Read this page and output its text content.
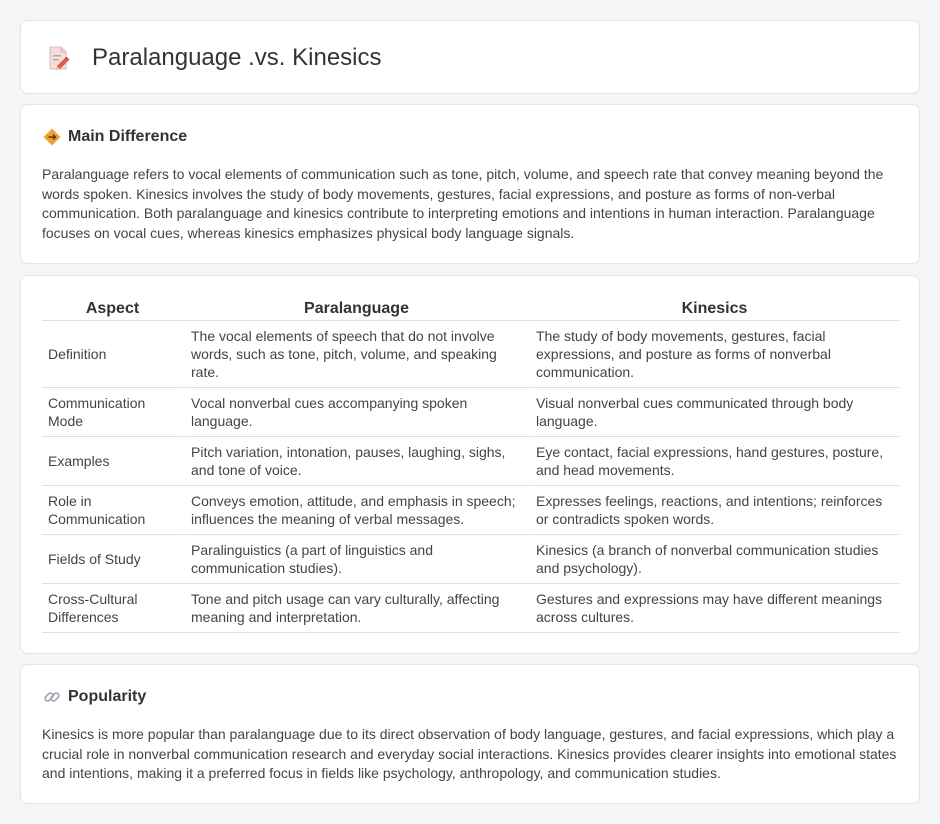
Paralanguage .vs. Kinesics
Main Difference
Paralanguage refers to vocal elements of communication such as tone, pitch, volume, and speech rate that convey meaning beyond the words spoken. Kinesics involves the study of body movements, gestures, facial expressions, and posture as forms of non-verbal communication. Both paralanguage and kinesics contribute to interpreting emotions and intentions in human interaction. Paralanguage focuses on vocal cues, whereas kinesics emphasizes physical body language signals.
Aspect	Paralanguage	Kinesics
Definition	The vocal elements of speech that do not involve words, such as tone, pitch, volume, and speaking rate.	The study of body movements, gestures, facial expressions, and posture as forms of nonverbal communication.
Communication Mode	Vocal nonverbal cues accompanying spoken language.	Visual nonverbal cues communicated through body language.
Examples	Pitch variation, intonation, pauses, laughing, sighs, and tone of voice.	Eye contact, facial expressions, hand gestures, posture, and head movements.
Role in Communication	Conveys emotion, attitude, and emphasis in speech; influences the meaning of verbal messages.	Expresses feelings, reactions, and intentions; reinforces or contradicts spoken words.
Fields of Study	Paralinguistics (a part of linguistics and communication studies).	Kinesics (a branch of nonverbal communication studies and psychology).
Cross-Cultural Differences	Tone and pitch usage can vary culturally, affecting meaning and interpretation.	Gestures and expressions may have different meanings across cultures.
Popularity
Kinesics is more popular than paralanguage due to its direct observation of body language, gestures, and facial expressions, which play a crucial role in nonverbal communication research and everyday social interactions. Kinesics provides clearer insights into emotional states and intentions, making it a preferred focus in fields like psychology, anthropology, and communication studies.
